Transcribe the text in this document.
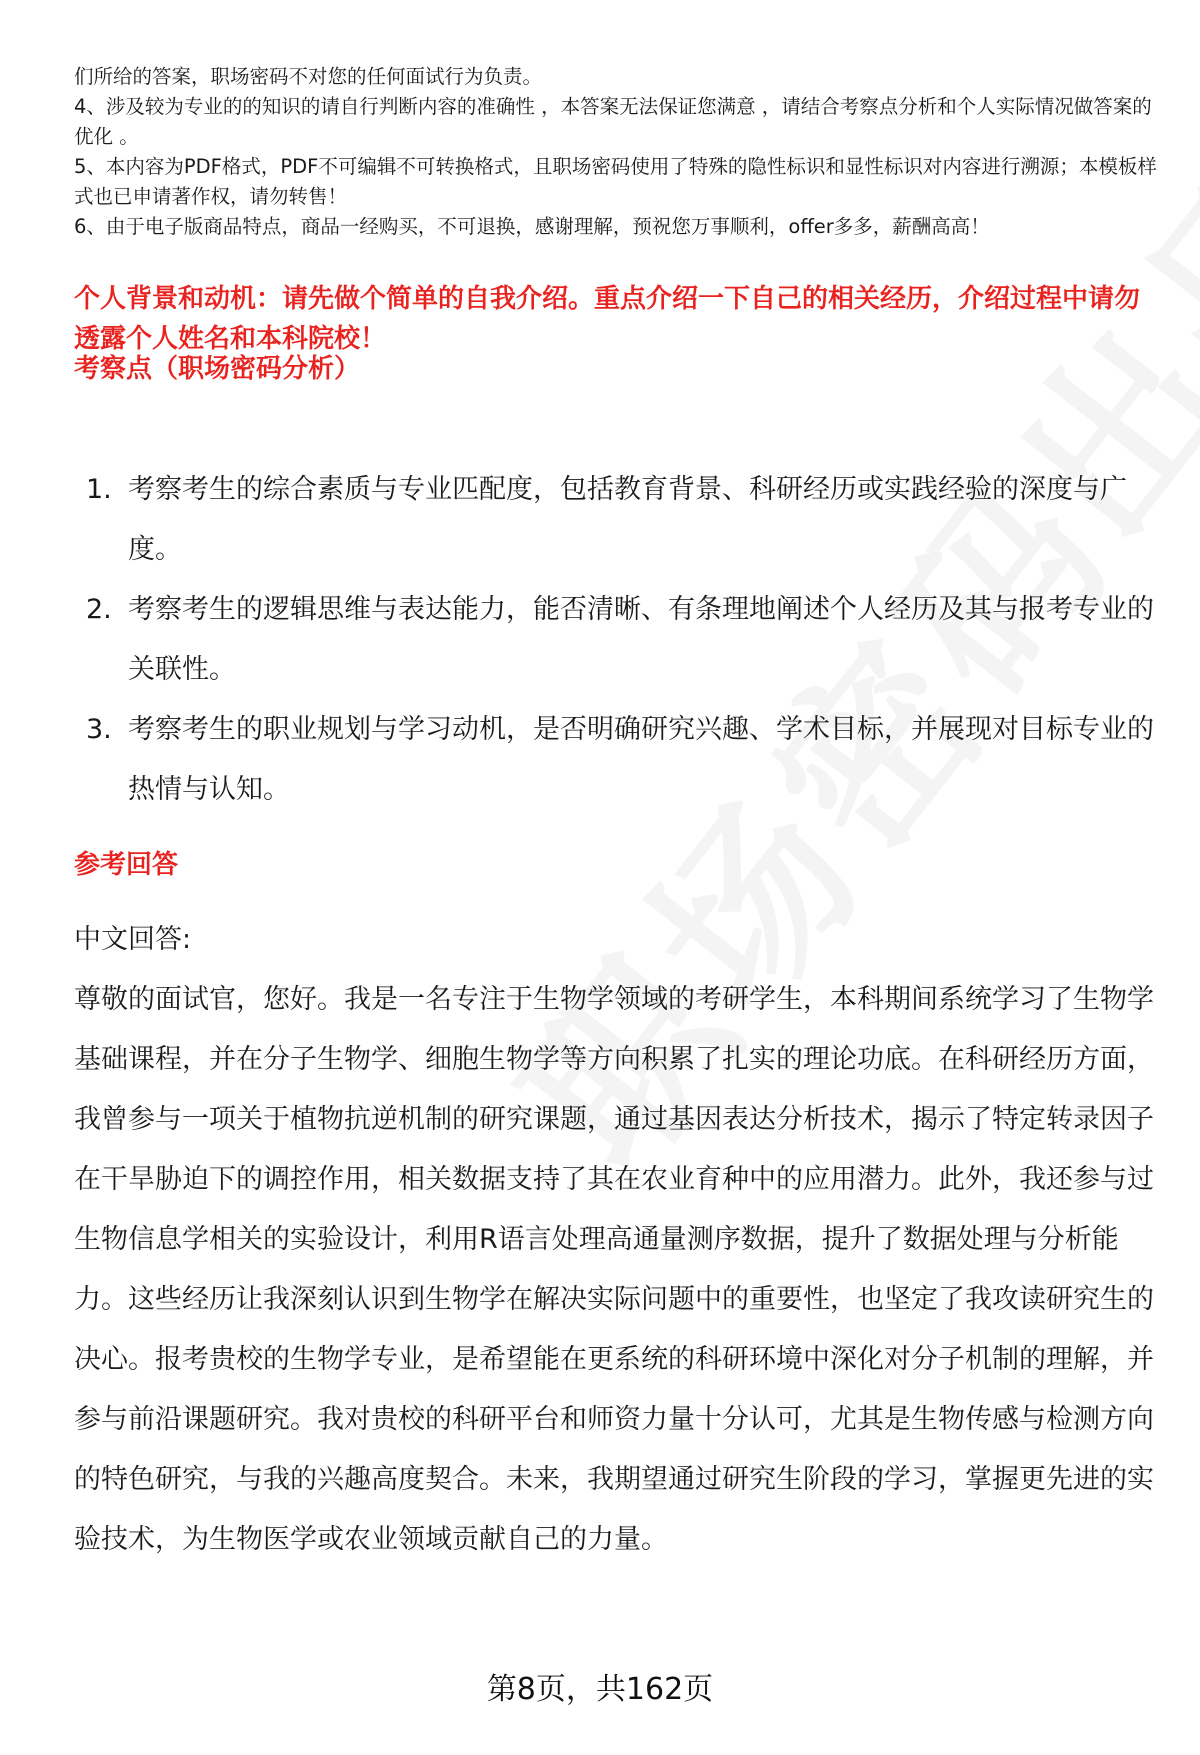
们所给的答案，职场密码不对您的任何面试行为负责。

4、涉及较为专业的的知识的请自行判断内容的准确性 ，本答案无法保证您满意 ，请结合考察点分析和个人实际情况做答案的优化 。

5、本内容为PDF格式，PDF不可编辑不可转换格式，且职场密码使用了特殊的隐性标识和显性标识对内容进行溯源；本模板样式也已申请著作权，请勿转售！

6、由于电子版商品特点，商品一经购买，不可退换，感谢理解，预祝您万事顺利，offer多多，薪酬高高！

个人背景和动机：请先做个简单的自我介绍。重点介绍一下自己的相关经历，介绍过程中请勿透露个人姓名和本科院校！

考察点（职场密码分析）

1. 考察考生的综合素质与专业匹配度，包括教育背景、科研经历或实践经验的深度与广度。
2. 考察考生的逻辑思维与表达能力，能否清晰、有条理地阐述个人经历及其与报考专业的关联性。
3. 考察考生的职业规划与学习动机，是否明确研究兴趣、学术目标，并展现对目标专业的热情与认知。

参考回答

中文回答:

尊敬的面试官，您好。我是一名专注于生物学领域的考研学生，本科期间系统学习了生物学基础课程，并在分子生物学、细胞生物学等方向积累了扎实的理论功底。在科研经历方面，我曾参与一项关于植物抗逆机制的研究课题，通过基因表达分析技术，揭示了特定转录因子在干旱胁迫下的调控作用，相关数据支持了其在农业育种中的应用潜力。此外，我还参与过生物信息学相关的实验设计，利用R语言处理高通量测序数据，提升了数据处理与分析能力。这些经历让我深刻认识到生物学在解决实际问题中的重要性，也坚定了我攻读研究生的决心。报考贵校的生物学专业，是希望能在更系统的科研环境中深化对分子机制的理解，并参与前沿课题研究。我对贵校的科研平台和师资力量十分认可，尤其是生物传感与检测方向的特色研究，与我的兴趣高度契合。未来，我期望通过研究生阶段的学习，掌握更先进的实验技术，为生物医学或农业领域贡献自己的力量。

第8页，共162页
